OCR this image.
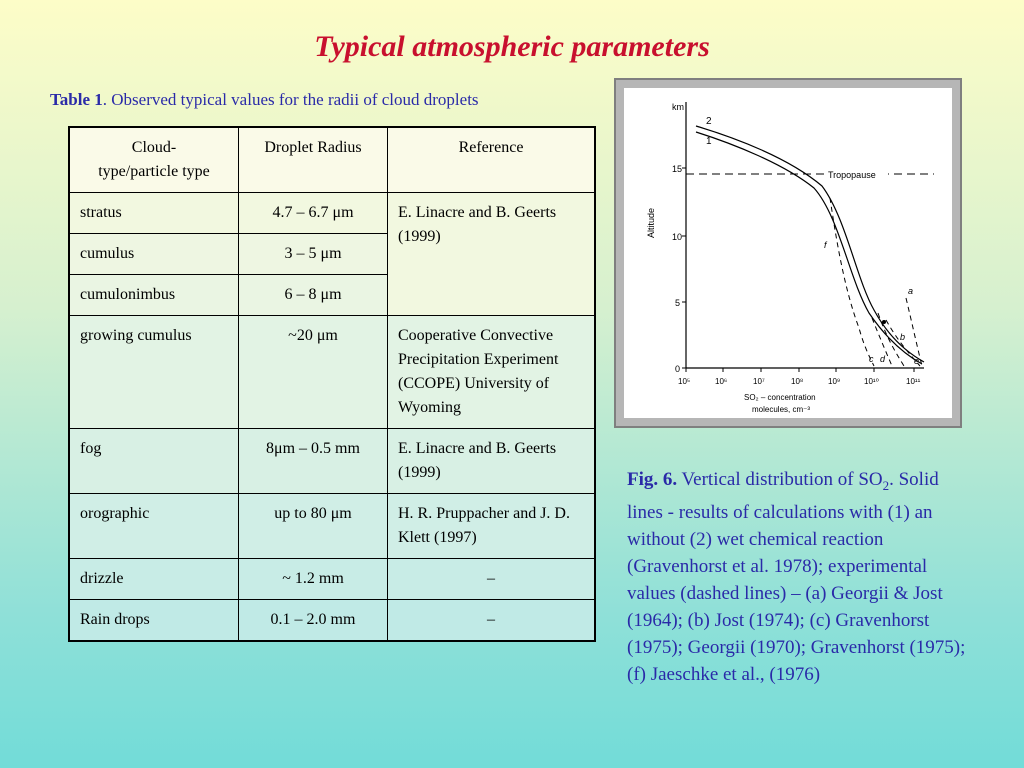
Typical atmospheric parameters
Table 1. Observed typical values for the radii of cloud droplets
Cloud-
type/particle type	Droplet Radius	Reference
stratus	4.7 – 6.7 μm	E. Linacre and B. Geerts (1999)
cumulus	3 – 5 μm	
cumulonimbus	6 – 8 μm	
growing cumulus	~20 μm	Cooperative Convective Precipitation Experiment (CCOPE) University of Wyoming
fog	8μm – 0.5 mm	E. Linacre and B. Geerts (1999)
orographic	up to 80 μm	H. R. Pruppacher and J. D. Klett (1997)
drizzle	~ 1.2 mm	–
Rain drops	0.1 – 2.0 mm	–
km
15
10
5
0
Altitude
10⁵	10⁶	10⁷	10⁸	10⁹	10¹⁰	10¹¹
SO₂ – concentration
molecules, cm⁻³
Tropopause
2
1
f
a
b
c d	e
Fig. 6. Vertical distribution of $SO_2$. Solid lines - results of calculations with (1) an without (2) wet chemical reaction (Gravenhorst et al. 1978); experimental values (dashed lines) – (a) Georgii & Jost (1964); (b) Jost (1974); (c) Gravenhorst (1975); Georgii (1970); Gravenhorst (1975); (f) Jaeschke et al., (1976)
